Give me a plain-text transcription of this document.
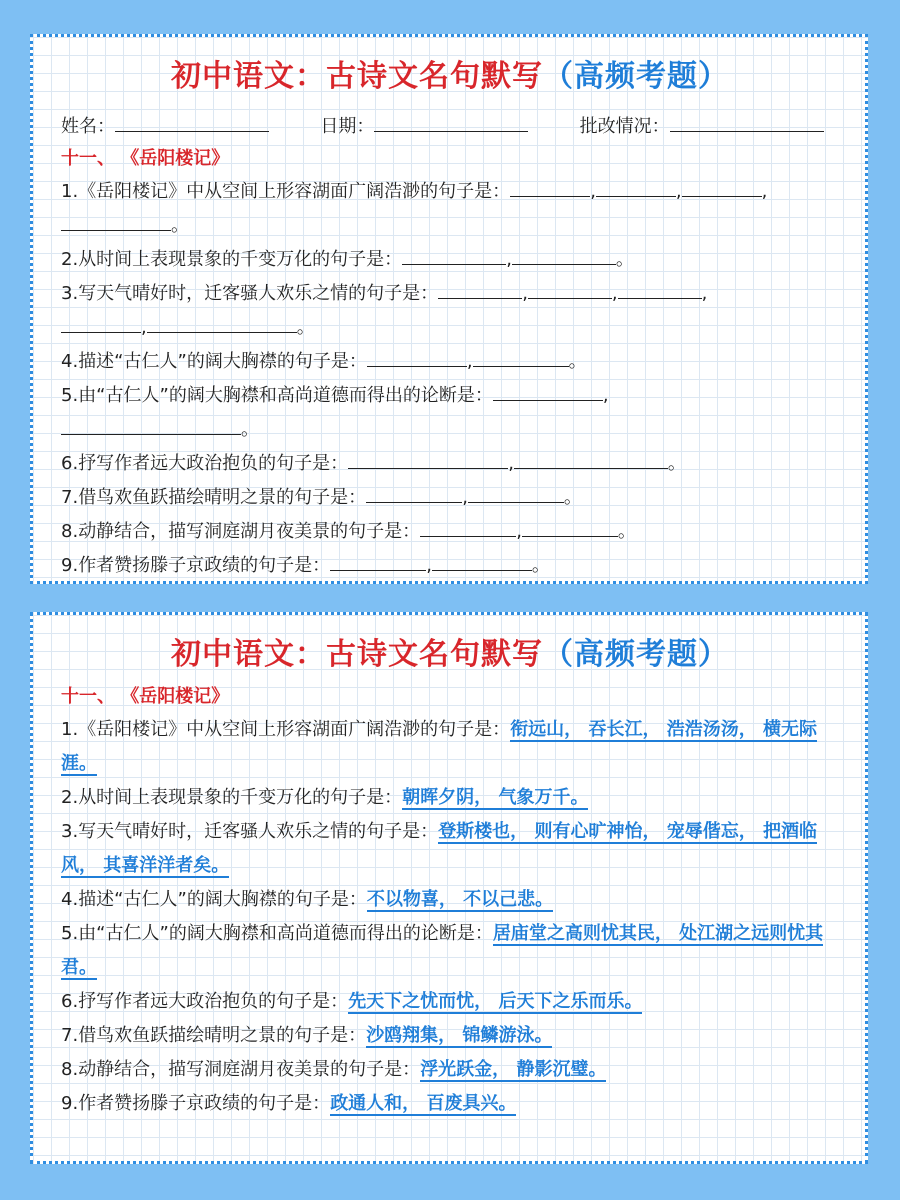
初中语文：古诗文名句默写（高频考题）
姓名：	日期：	批改情况：
十一、 《岳阳楼记》
1.《岳阳楼记》中从空间上形容湖面广阔浩渺的句子是：	,	,	,
。
2.从时间上表现景象的千变万化的句子是：	,	。
3.写天气晴好时，迁客骚人欢乐之情的句子是：	,	,	,
,	。
4.描述“古仁人”的阔大胸襟的句子是：	,	。
5.由“古仁人”的阔大胸襟和高尚道德而得出的论断是：	,
。
6.抒写作者远大政治抱负的句子是：	,	。
7.借鸟欢鱼跃描绘晴明之景的句子是：	,	。
8.动静结合，描写洞庭湖月夜美景的句子是：	,	。
9.作者赞扬滕子京政绩的句子是：	,	。
初中语文：古诗文名句默写（高频考题）
十一、 《岳阳楼记》
1.《岳阳楼记》中从空间上形容湖面广阔浩渺的句子是：衔远山， 吞长江， 浩浩汤汤， 横无际涯。
2.从时间上表现景象的千变万化的句子是：朝晖夕阴， 气象万千。
3.写天气晴好时，迁客骚人欢乐之情的句子是：登斯楼也， 则有心旷神怡， 宠辱偕忘， 把酒临风， 其喜洋洋者矣。
4.描述“古仁人”的阔大胸襟的句子是：不以物喜， 不以己悲。
5.由“古仁人”的阔大胸襟和高尚道德而得出的论断是：居庙堂之高则忧其民， 处江湖之远则忧其君。
6.抒写作者远大政治抱负的句子是：先天下之忧而忧， 后天下之乐而乐。
7.借鸟欢鱼跃描绘晴明之景的句子是：沙鸥翔集， 锦鳞游泳。
8.动静结合，描写洞庭湖月夜美景的句子是：浮光跃金， 静影沉璧。
9.作者赞扬滕子京政绩的句子是：政通人和， 百废具兴。
